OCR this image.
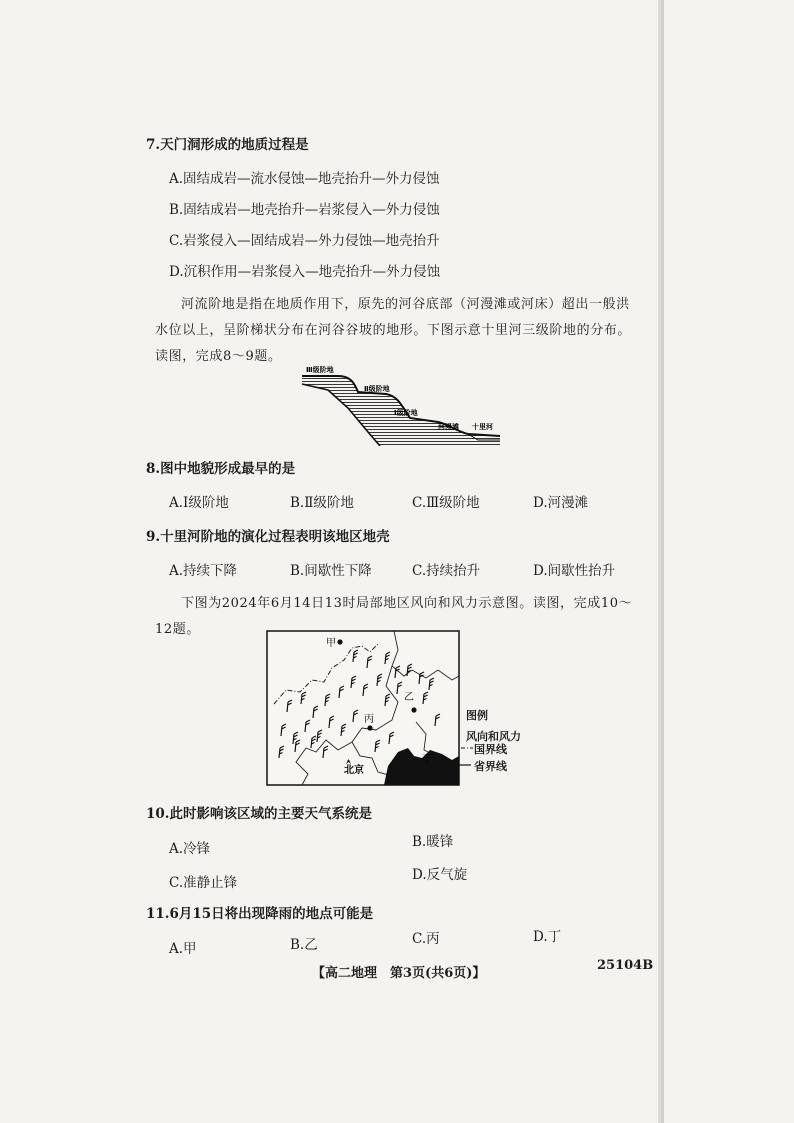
7.天门洞形成的地质过程是
A.固结成岩—流水侵蚀—地壳抬升—外力侵蚀
B.固结成岩—地壳抬升—岩浆侵入—外力侵蚀
C.岩浆侵入—固结成岩—外力侵蚀—地壳抬升
D.沉积作用—岩浆侵入—地壳抬升—外力侵蚀
河流阶地是指在地质作用下，原先的河谷底部（河漫滩或河床）超出一般洪水位以上，呈阶梯状分布在河谷谷坡的地形。下图示意十里河三级阶地的分布。读图，完成8～9题。
Ⅲ级阶地
Ⅱ级阶地
Ⅰ级阶地
河漫滩 十里河
8.图中地貌形成最早的是
A.Ⅰ级阶地	B.Ⅱ级阶地	C.Ⅲ级阶地	D.河漫滩
9.十里河阶地的演化过程表明该地区地壳
A.持续下降	B.间歇性下降	C.持续抬升	D.间歇性抬升
下图为2024年6月14日13时局部地区风向和风力示意图。读图，完成10～12题。
甲
乙
丙
丁
北京
图例
风向和风力
国界线
省界线
10.此时影响该区域的主要天气系统是
A.冷锋	B.暖锋
C.准静止锋	D.反气旋
11.6月15日将出现降雨的地点可能是
A.甲	B.乙	C.丙	D.丁
【高二地理　第3页(共6页)】
25104B
